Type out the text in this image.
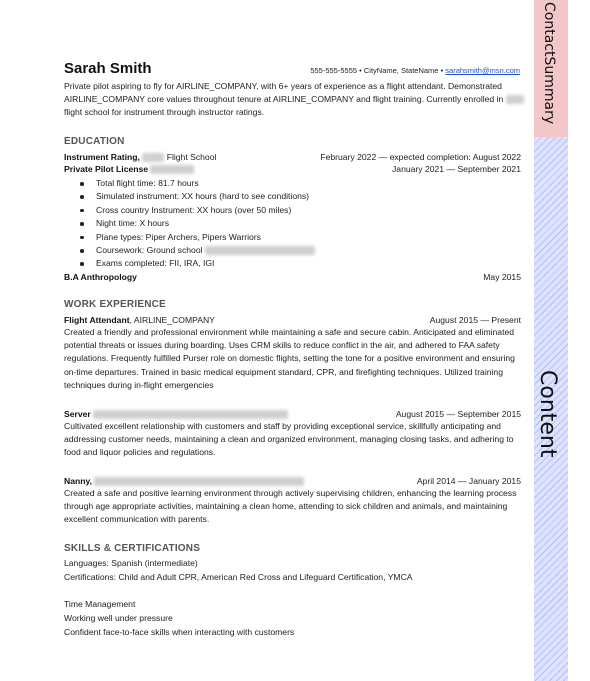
ContactSummary
Content
Sarah Smith	555-555-5555 • CityName, StateName • sarahsmith@msn.com
Private pilot aspiring to fly for AIRLINE_COMPANY, with 6+ years of experience as a flight attendant. Demonstrated AIRLINE_COMPANY core values throughout tenure at AIRLINE_COMPANY and flight training. Currently enrolled in  flight school for instrument through instructor ratings.
EDUCATION
Instrument Rating,	Flight School	February 2022 — expected completion: August 2022
Private Pilot License	January 2021 — September 2021
Total flight time: 81.7 hours
Simulated instrument: XX hours (hard to see conditions)
Cross country Instrument: XX hours (over 50 miles)
Night time: X hours
Plane types: Piper Archers, Pipers Warriors
Coursework: Ground school
Exams completed: FII, IRA, IGI
B.A Anthropology	May 2015
WORK EXPERIENCE
Flight Attendant, AIRLINE_COMPANY	August 2015 — Present
Created a friendly and professional environment while maintaining a safe and secure cabin. Anticipated and eliminated potential threats or issues during boarding. Uses CRM skills to reduce conflict in the air, and adhered to FAA safety regulations. Frequently fulfilled Purser role on domestic flights, setting the tone for a positive environment and ensuring on-time departures. Trained in basic medical equipment standard, CPR, and firefighting techniques. Utilized training techniques during in-flight emergencies
Server	August 2015 — September 2015
Cultivated excellent relationship with customers and staff by providing exceptional service, skillfully anticipating and addressing customer needs, maintaining a clean and organized environment, managing closing tasks, and adhering to food and liquor policies and regulations.
Nanny,	April 2014 — January 2015
Created a safe and positive learning environment through actively supervising children, enhancing the learning process through age appropriate activities, maintaining a clean home, attending to sick children and animals, and maintaining excellent communication with parents.
SKILLS & CERTIFICATIONS
Languages: Spanish (intermediate)
Certifications: Child and Adult CPR, American Red Cross and Lifeguard Certification, YMCA
Time Management
Working well under pressure
Confident face-to-face skills when interacting with customers
